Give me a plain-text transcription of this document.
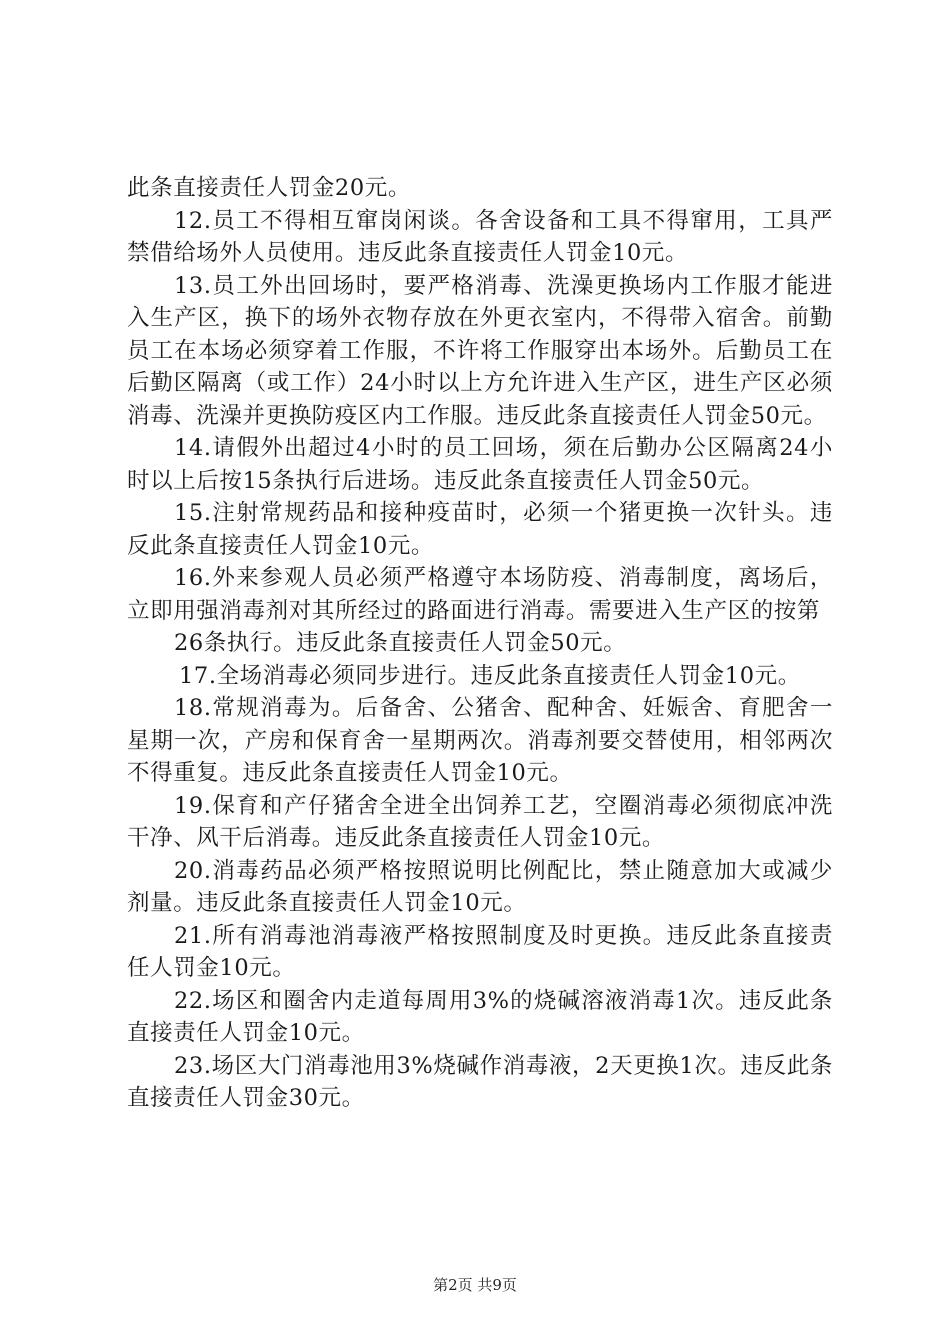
此条直接责任人罚金20元。

12.员工不得相互窜岗闲谈。各舍设备和工具不得窜用，工具严禁借给场外人员使用。违反此条直接责任人罚金10元。

13.员工外出回场时，要严格消毒、洗澡更换场内工作服才能进入生产区，换下的场外衣物存放在外更衣室内，不得带入宿舍。前勤员工在本场必须穿着工作服，不许将工作服穿出本场外。后勤员工在后勤区隔离（或工作）24小时以上方允许进入生产区，进生产区必须消毒、洗澡并更换防疫区内工作服。违反此条直接责任人罚金50元。

14.请假外出超过4小时的员工回场，须在后勤办公区隔离24小时以上后按15条执行后进场。违反此条直接责任人罚金50元。

15.注射常规药品和接种疫苗时，必须一个猪更换一次针头。违反此条直接责任人罚金10元。

16.外来参观人员必须严格遵守本场防疫、消毒制度，离场后，立即用强消毒剂对其所经过的路面进行消毒。需要进入生产区的按第

26条执行。违反此条直接责任人罚金50元。

17.全场消毒必须同步进行。违反此条直接责任人罚金10元。

18.常规消毒为。后备舍、公猪舍、配种舍、妊娠舍、育肥舍一星期一次，产房和保育舍一星期两次。消毒剂要交替使用，相邻两次不得重复。违反此条直接责任人罚金10元。

19.保育和产仔猪舍全进全出饲养工艺，空圈消毒必须彻底冲洗干净、风干后消毒。违反此条直接责任人罚金10元。

20.消毒药品必须严格按照说明比例配比，禁止随意加大或减少剂量。违反此条直接责任人罚金10元。

21.所有消毒池消毒液严格按照制度及时更换。违反此条直接责任人罚金10元。

22.场区和圈舍内走道每周用3%的烧碱溶液消毒1次。违反此条直接责任人罚金10元。

23.场区大门消毒池用3%烧碱作消毒液，2天更换1次。违反此条直接责任人罚金30元。

第2页 共9页
